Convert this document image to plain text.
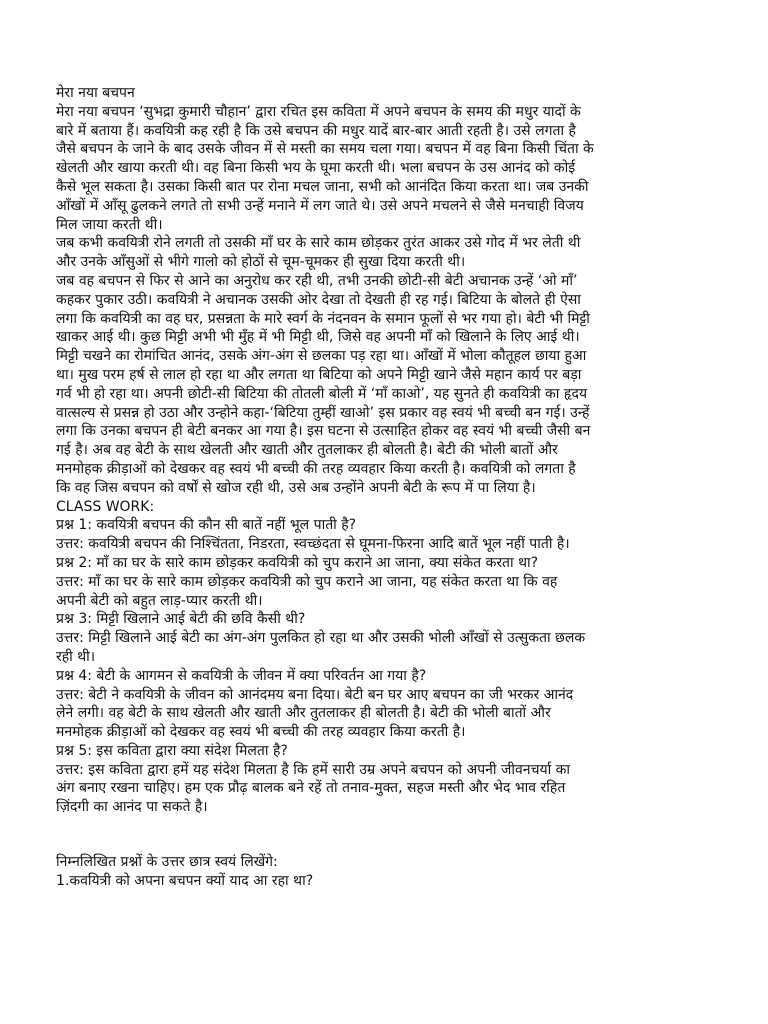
मेरा नया बचपन

मेरा नया बचपन ‘सुभद्रा कुमारी चौहान’ द्वारा रचित इस कविता में अपने बचपन के समय की मधुर यादों के

बारे में बताया हैं। कवयित्री कह रही है कि उसे बचपन की मधुर यादें बार-बार आती रहती है। उसे लगता है

जैसे बचपन के जाने के बाद उसके जीवन में से मस्ती का समय चला गया। बचपन में वह बिना किसी चिंता के

खेलती और खाया करती थी। वह बिना किसी भय के घूमा करती थी। भला बचपन के उस आनंद को कोई

कैसे भूल सकता है। उसका किसी बात पर रोना मचल जाना, सभी को आनंदित किया करता था। जब उनकी

आँखों में आँसू ढुलकने लगते तो सभी उन्हें मनाने में लग जाते थे। उसे अपने मचलने से जैसे मनचाही विजय

मिल जाया करती थी।

जब कभी कवयित्री रोने लगती तो उसकी माँ घर के सारे काम छोड़कर तुरंत आकर उसे गोद में भर लेती थी

और उनके आँसुओं से भीगे गालो को होठों से चूम-चूमकर ही सुखा दिया करती थी।

जब वह बचपन से फिर से आने का अनुरोध कर रही थी, तभी उनकी छोटी-सी बेटी अचानक उन्हें ‘ओ माँ’

कहकर पुकार उठी। कवयित्री ने अचानक उसकी ओर देखा तो देखती ही रह गई। बिटिया के बोलते ही ऐसा

लगा कि कवयित्री का वह घर, प्रसन्नता के मारे स्वर्ग के नंदनवन के समान फूलों से भर गया हो। बेटी भी मिट्टी

खाकर आई थी। कुछ मिट्टी अभी भी मुँह में भी मिट्टी थी, जिसे वह अपनी माँ को खिलाने के लिए आई थी।

मिट्टी चखने का रोमांचित आनंद, उसके अंग-अंग से छलका पड़ रहा था। आँखों में भोला कौतूहल छाया हुआ

था। मुख परम हर्ष से लाल हो रहा था और लगता था बिटिया को अपने मिट्टी खाने जैसे महान कार्य पर बड़ा

गर्व भी हो रहा था। अपनी छोटी-सी बिटिया की तोतली बोली में ‘माँ काओ’, यह सुनते ही कवयित्री का हृदय

वात्सल्य से प्रसन्न हो उठा और उन्होने कहा-‘बिटिया तुम्हीं खाओ’ इस प्रकार वह स्वयं भी बच्ची बन गई। उन्हें

लगा कि उनका बचपन ही बेटी बनकर आ गया है। इस घटना से उत्साहित होकर वह स्वयं भी बच्ची जैसी बन

गई है। अब वह बेटी के साथ खेलती और खाती और तुतलाकर ही बोलती है। बेटी की भोली बातों और

मनमोहक क्रीड़ाओं को देखकर वह स्वयं भी बच्ची की तरह व्यवहार किया करती है। कवयित्री को लगता है

कि वह जिस बचपन को वर्षों से खोज रही थी, उसे अब उन्होंने अपनी बेटी के रूप में पा लिया है।

CLASS WORK:

प्रश्न 1: कवयित्री बचपन की कौन सी बातें नहीं भूल पाती है?

उत्तर: कवयित्री बचपन की निश्चिंतता, निडरता, स्वच्छंदता से घूमना-फिरना आदि बातें भूल नहीं पाती है।

प्रश्न 2: माँ का घर के सारे काम छोड़कर कवयित्री को चुप कराने आ जाना, क्या संकेत करता था?

उत्तर: माँ का घर के सारे काम छोड़कर कवयित्री को चुप कराने आ जाना, यह संकेत करता था कि वह

अपनी बेटी को बहुत लाड़-प्यार करती थी।

प्रश्न 3: मिट्टी खिलाने आई बेटी की छवि कैसी थी?

उत्तर: मिट्टी खिलाने आई बेटी का अंग-अंग पुलकित हो रहा था और उसकी भोली आँखों से उत्सुकता छलक

रही थी।

प्रश्न 4: बेटी के आगमन से कवयित्री के जीवन में क्या परिवर्तन आ गया है?

उत्तर: बेटी ने कवयित्री के जीवन को आनंदमय बना दिया। बेटी बन घर आए बचपन का जी भरकर आनंद

लेने लगी। वह बेटी के साथ खेलती और खाती और तुतलाकर ही बोलती है। बेटी की भोली बातों और

मनमोहक क्रीड़ाओं को देखकर वह स्वयं भी बच्ची की तरह व्यवहार किया करती है।

प्रश्न 5: इस कविता द्वारा क्या संदेश मिलता है?

उत्तर: इस कविता द्वारा हमें यह संदेश मिलता है कि हमें सारी उम्र अपने बचपन को अपनी जीवनचर्या का

अंग बनाए रखना चाहिए। हम एक प्रौढ़ बालक बने रहें तो तनाव-मुक्त, सहज मस्ती और भेद भाव रहित

ज़िंदगी का आनंद पा सकते है।

निम्नलिखित प्रश्नों के उत्तर छात्र स्वयं लिखेंगे:

1.कवयित्री को अपना बचपन क्यों याद आ रहा था?
